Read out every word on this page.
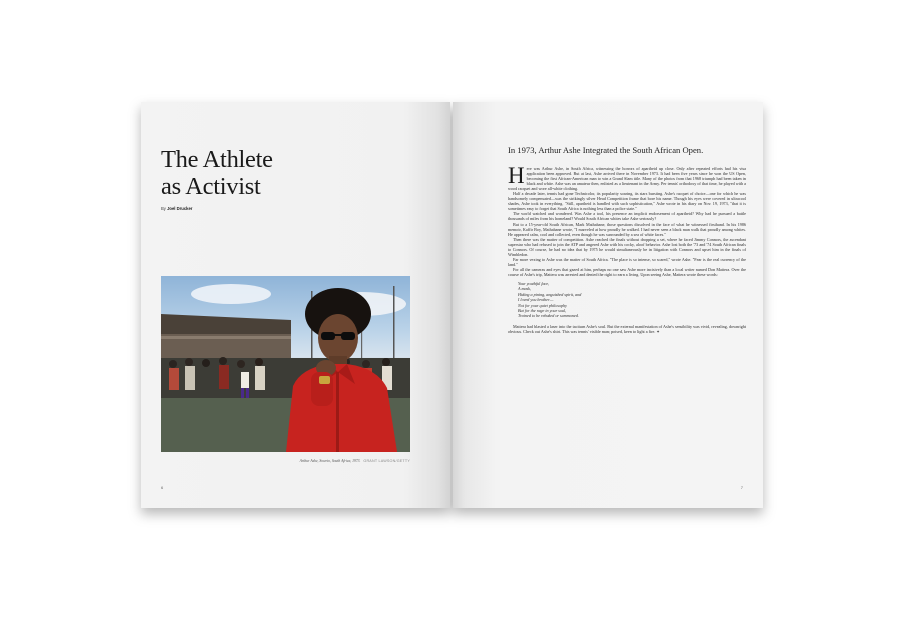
The Athlete
as Activist
By Joel Drucker
Arthur Ashe, Soweto, South Africa, 1973. GRANT LAWSON/GETTY
6
In 1973, Arthur Ashe Integrated the South African Open.

Here was Arthur Ashe, in South Africa, witnessing the horrors of apartheid up close. Only after repeated efforts had his visa application been approved. But at last, Ashe arrived there in November 1973. It had been five years since he won the US Open, becoming the first African-American man to win a Grand Slam title. Many of the photos from that 1968 triumph had been taken in black and white. Ashe was an amateur then, enlisted as a lieutenant in the Army. Per tennis' orthodoxy of that time, he played with a wood racquet and wore all-white clothing.

Half a decade later, tennis had gone Technicolor, its popularity soaring, its stars bursting. Ashe's racquet of choice—one for which he was handsomely compensated—was the strikingly silver Head Competition frame that bore his name. Though his eyes were covered in ultracool shades, Ashe took in everything. "Still, apartheid is handled with such sophistication," Ashe wrote in his diary on Nov. 19, 1973, "that it is sometimes easy to forget that South Africa is nothing less than a police state."

The world watched and wondered. Was Ashe a tool, his presence an implicit endorsement of apartheid? Why had he pursued a battle thousands of miles from his homeland? Would South African whites take Ashe seriously?

But to a 15-year-old South African, Mark Mathabane, those questions dissolved in the face of what he witnessed firsthand. In his 1986 memoir, Kaffir Boy, Mathabane wrote, "I marveled at how proudly he walked. I had never seen a black man walk that proudly among whites. He appeared calm, cool and collected, even though he was surrounded by a sea of white faces."

Then there was the matter of competition. Ashe reached the finals without dropping a set, where he faced Jimmy Connors, the ascendant superstar who had refused to join the ATP and angered Ashe with his cocky, aloof behavior. Ashe lost both the '73 and '74 South African finals to Connors. Of course, he had no idea that by 1975 he would simultaneously be in litigation with Connors and upset him in the finals of Wimbledon.

Far more vexing to Ashe was the matter of South Africa. "The place is so intense, so scared," wrote Ashe. "Fear is the real currency of the land."

For all the cameras and eyes that gazed at him, perhaps no one saw Ashe more incisively than a local writer named Don Mattera. Over the course of Ashe's trip, Mattera was arrested and denied the right to earn a living. Upon seeing Ashe, Mattera wrote these words:

Your youthful face,
A mask,
Hiding a pining, anguished spirit, and
I loved you brother—
Not for your quiet philosophy
But for the rage in your soul,
Trained to be rebuked or summoned.

Mattera had blasted a laser into the taciturn Ashe's soul. But the external manifestation of Ashe's sensibility was vivid, revealing, downright obvious. Check out Ashe's shirt. This was tennis' visible man; poised, keen to light a fire. ✦

7
